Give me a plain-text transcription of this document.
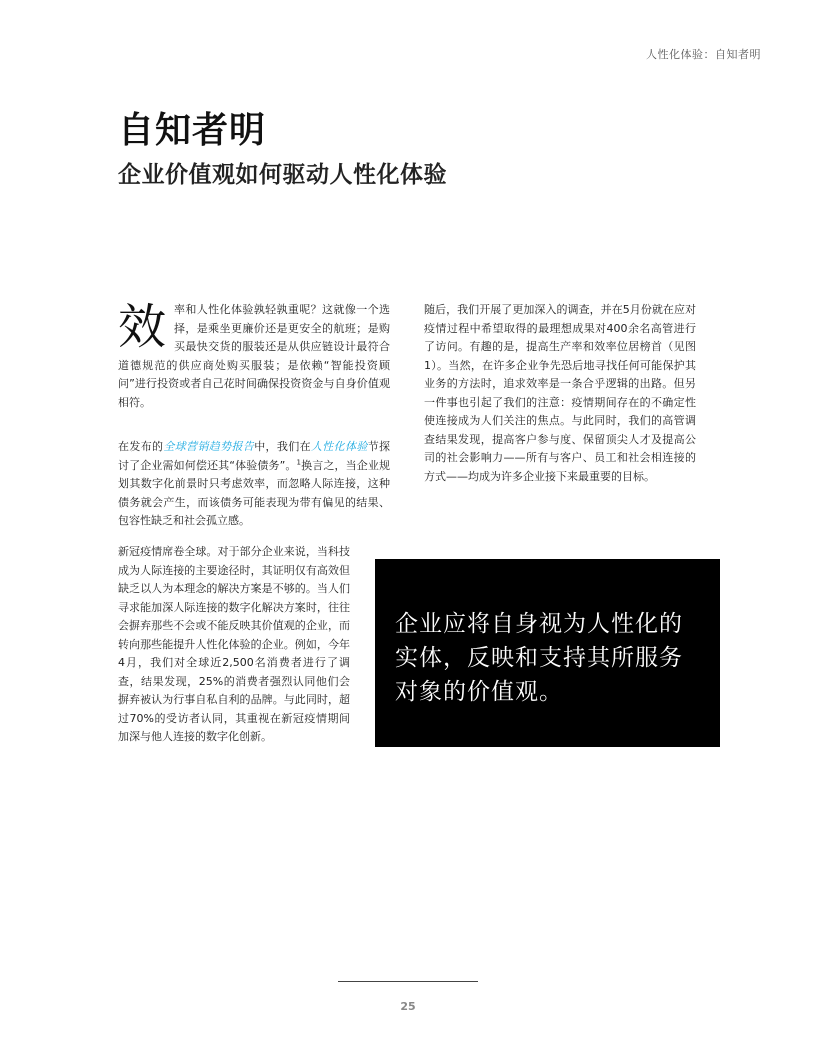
人性化体验：自知者明
自知者明
企业价值观如何驱动人性化体验

效率和人性化体验孰轻孰重呢？这就像一个选择，是乘坐更廉价还是更安全的航班；是购买最快交货的服装还是从供应链设计最符合道德规范的供应商处购买服装；是依赖“智能投资顾问”进行投资或者自己花时间确保投资资金与自身价值观相符。

在发布的全球营销趋势报告中，我们在人性化体验节探讨了企业需如何偿还其“体验债务”。$^1$换言之，当企业规划其数字化前景时只考虑效率，而忽略人际连接，这种债务就会产生，而该债务可能表现为带有偏见的结果、包容性缺乏和社会孤立感。

新冠疫情席卷全球。对于部分企业来说，当科技成为人际连接的主要途径时，其证明仅有高效但缺乏以人为本理念的解决方案是不够的。当人们寻求能加深人际连接的数字化解决方案时，往往会摒弃那些不会或不能反映其价值观的企业，而转向那些能提升人性化体验的企业。例如，今年4月，我们对全球近2,500名消费者进行了调查，结果发现，25%的消费者强烈认同他们会摒弃被认为行事自私自利的品牌。与此同时，超过70%的受访者认同，其重视在新冠疫情期间加深与他人连接的数字化创新。

随后，我们开展了更加深入的调查，并在5月份就在应对疫情过程中希望取得的最理想成果对400余名高管进行了访问。有趣的是，提高生产率和效率位居榜首（见图1）。当然，在许多企业争先恐后地寻找任何可能保护其业务的方法时，追求效率是一条合乎逻辑的出路。但另一件事也引起了我们的注意：疫情期间存在的不确定性使连接成为人们关注的焦点。与此同时，我们的高管调查结果发现，提高客户参与度、保留顶尖人才及提高公司的社会影响力——所有与客户、员工和社会相连接的方式——均成为许多企业接下来最重要的目标。

企业应将自身视为人性化的实体，反映和支持其所服务对象的价值观。
25
